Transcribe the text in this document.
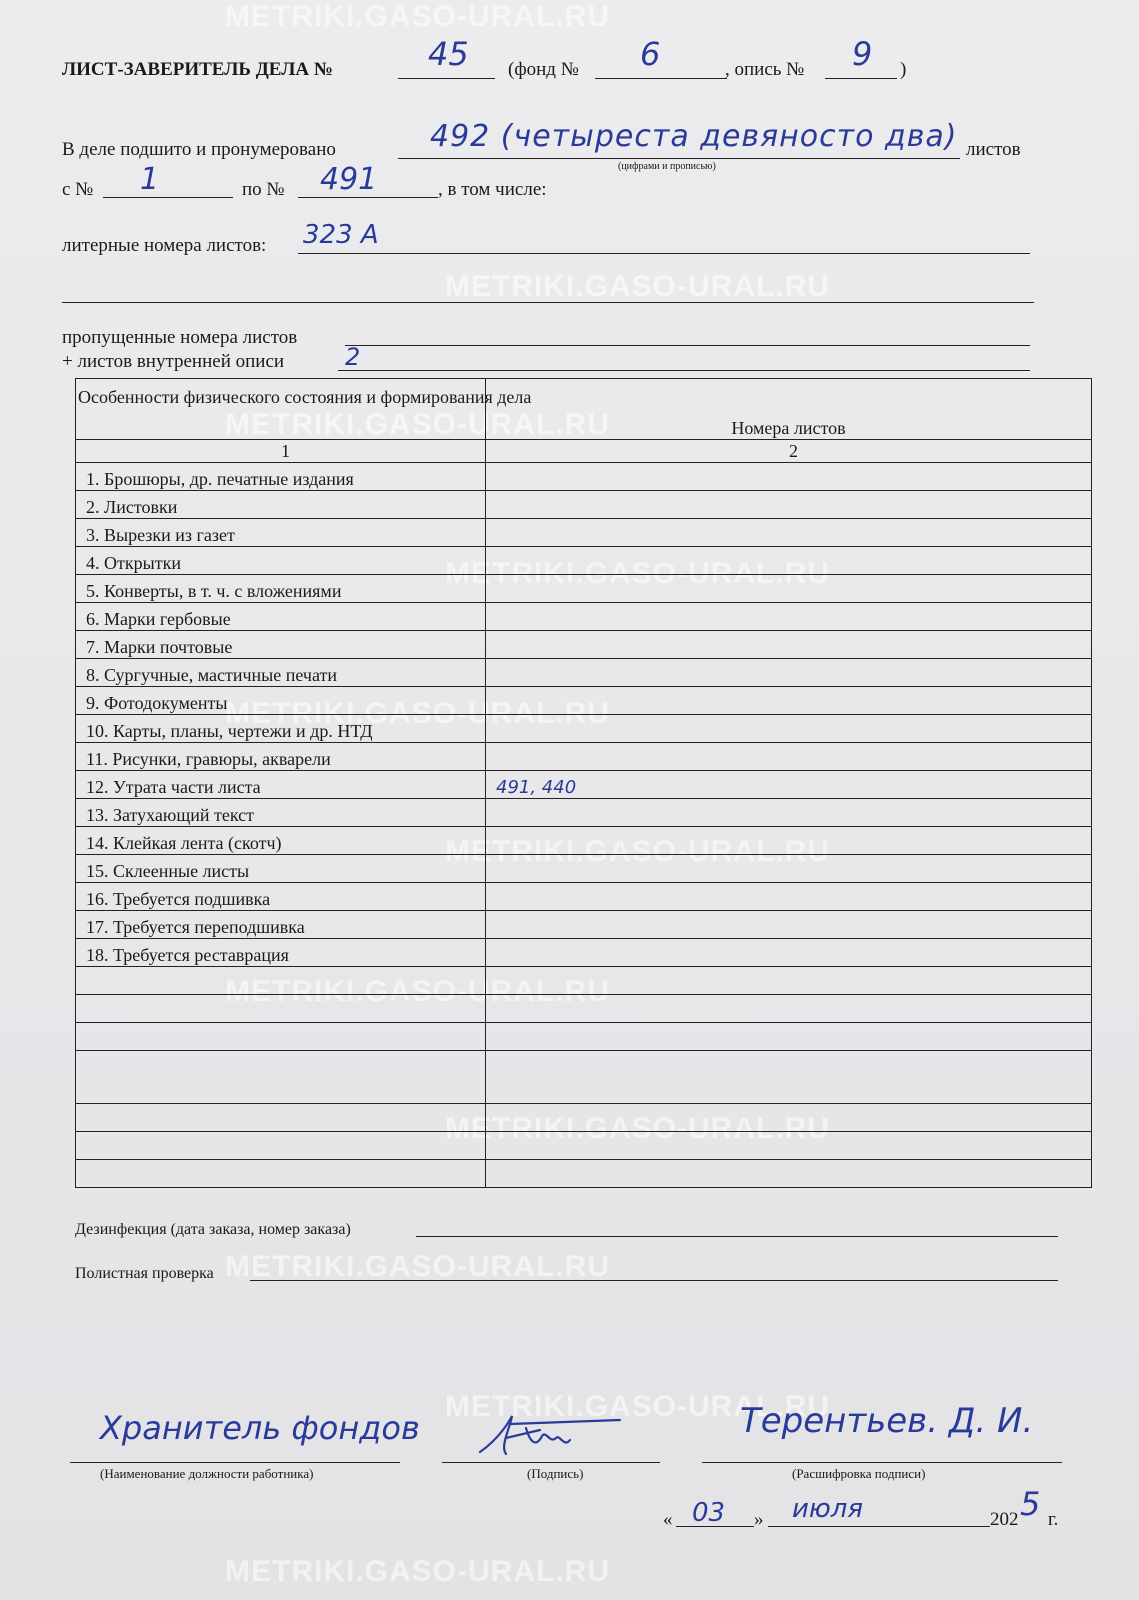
METRIKI.GASO-URAL.RU
METRIKI.GASO-URAL.RU
METRIKI.GASO-URAL.RU
METRIKI.GASO-URAL.RU
METRIKI.GASO-URAL.RU
METRIKI.GASO-URAL.RU
METRIKI.GASO-URAL.RU
METRIKI.GASO-URAL.RU
METRIKI.GASO-URAL.RU
METRIKI.GASO-URAL.RU
METRIKI.GASO-URAL.RU
ЛИСТ-ЗАВЕРИТЕЛЬ ДЕЛА №	45 (фонд № 6	, опись № 9 )
В деле подшито и пронумеровано	492 (четыреста девяносто два) листов
(цифрами и прописью)
с № 1	по № 491	, в том числе:
литерные номера листов: 323 А
пропущенные номера листов
+ листов внутренней описи	2
Особенности физического состояния и формирования дела	Номера листов
1	2
1. Брошюры, др. печатные издания	
2. Листовки	
3. Вырезки из газет	
4. Открытки	
5. Конверты, в т. ч. с вложениями	
6. Марки гербовые	
7. Марки почтовые	
8. Сургучные, мастичные печати	
9. Фотодокументы	
10. Карты, планы, чертежи и др. НТД	
11. Рисунки, гравюры, акварели	
12. Утрата части листа	491, 440
13. Затухающий текст	
14. Клейкая лента (скотч)	
15. Склеенные листы	
16. Требуется подшивка	
17. Требуется переподшивка	
18. Требуется реставрация	

Дезинфекция (дата заказа, номер заказа)
Полистная проверка
Хранитель фондов
(Наименование должности работника)	(Подпись)
Терентьев. Д. И.
(Расшифровка подписи)
« 03 » июля	202 5 г.
